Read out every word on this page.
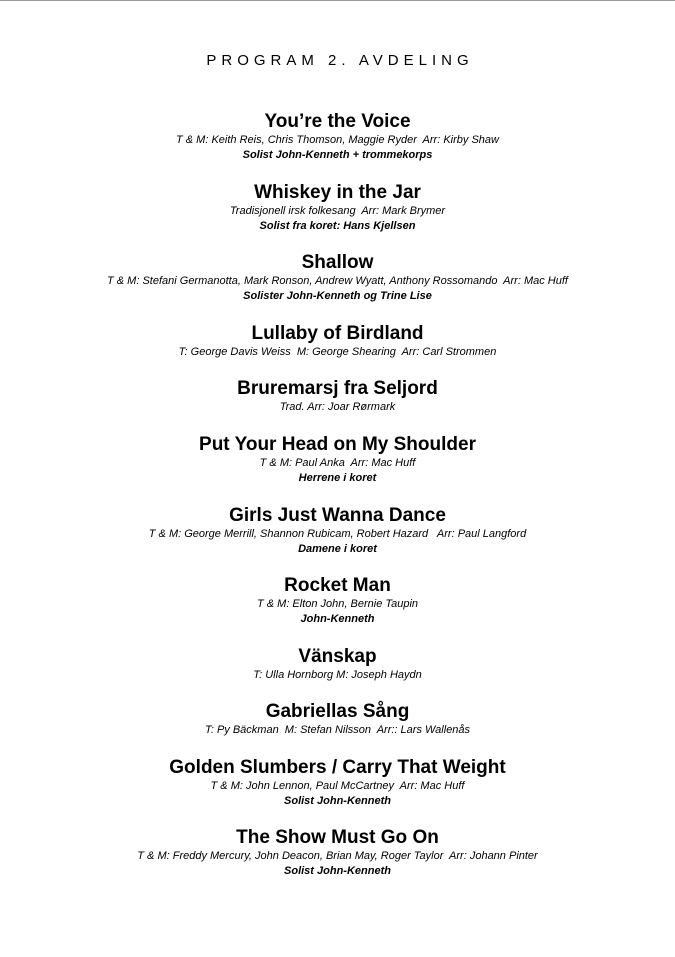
PROGRAM 2. AVDELING
You’re the Voice
T & M: Keith Reis, Chris Thomson, Maggie Ryder  Arr: Kirby Shaw
Solist John-Kenneth + trommekorps
Whiskey in the Jar
Tradisjonell irsk folkesang  Arr: Mark Brymer
Solist fra koret: Hans Kjellsen
Shallow
T & M: Stefani Germanotta, Mark Ronson, Andrew Wyatt, Anthony Rossomando  Arr: Mac Huff
Solister John-Kenneth og Trine Lise
Lullaby of Birdland
T: George Davis Weiss  M: George Shearing  Arr: Carl Strommen
Bruremarsj fra Seljord
Trad. Arr: Joar Rørmark
Put Your Head on My Shoulder
T & M: Paul Anka  Arr: Mac Huff
Herrene i koret
Girls Just Wanna Dance
T & M: George Merrill, Shannon Rubicam, Robert Hazard   Arr: Paul Langford
Damene i koret
Rocket Man
T & M: Elton John, Bernie Taupin
John-Kenneth
Vänskap
T: Ulla Hornborg M: Joseph Haydn
Gabriellas Sång
T: Py Bäckman  M: Stefan Nilsson  Arr:: Lars Wallenås
Golden Slumbers / Carry That Weight
T & M: John Lennon, Paul McCartney  Arr: Mac Huff
Solist John-Kenneth
The Show Must Go On
T & M: Freddy Mercury, John Deacon, Brian May, Roger Taylor  Arr: Johann Pinter
Solist John-Kenneth
